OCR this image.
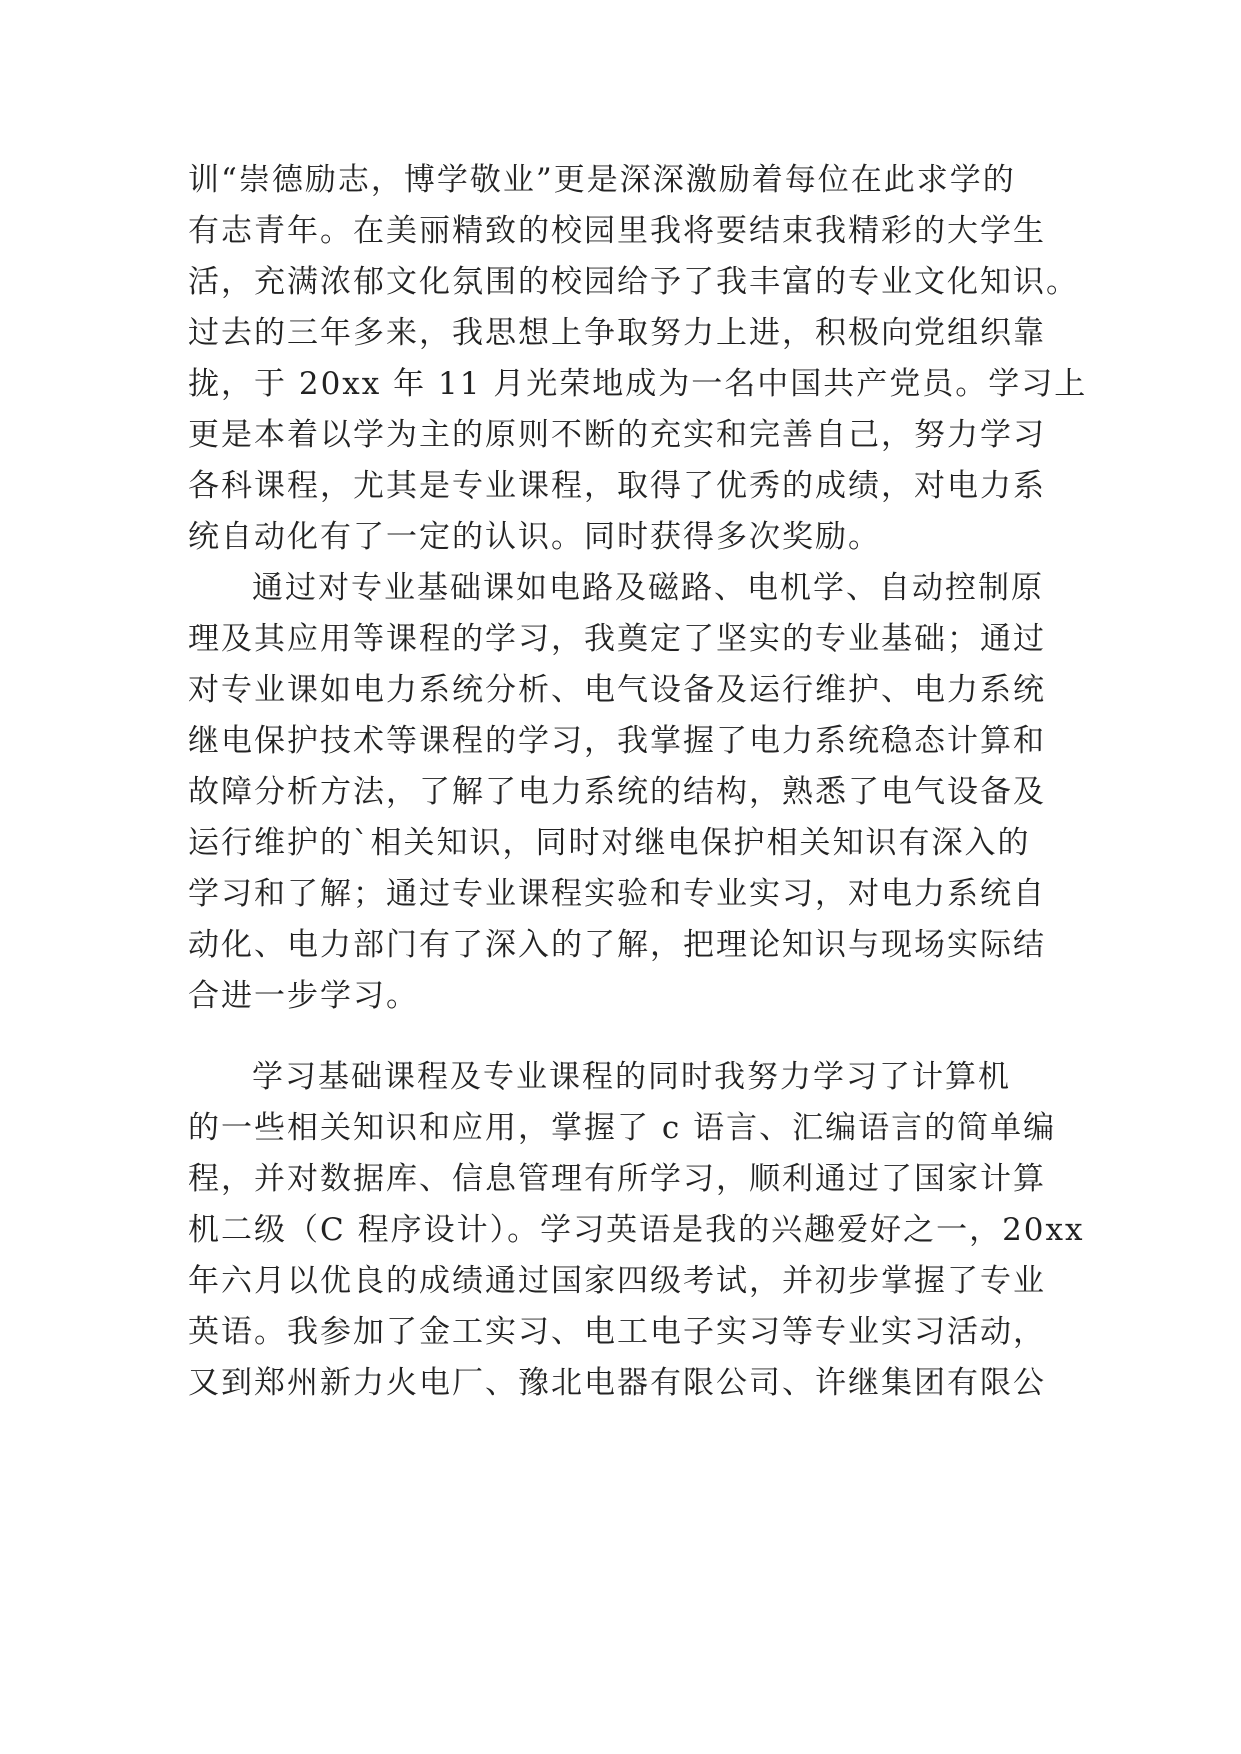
训“崇德励志，博学敬业”更是深深激励着每位在此求学的
有志青年。在美丽精致的校园里我将要结束我精彩的大学生
活，充满浓郁文化氛围的校园给予了我丰富的专业文化知识。
过去的三年多来，我思想上争取努力上进，积极向党组织靠
拢，于 20xx 年 11 月光荣地成为一名中国共产党员。学习上
更是本着以学为主的原则不断的充实和完善自己，努力学习
各科课程，尤其是专业课程，取得了优秀的成绩，对电力系
统自动化有了一定的认识。同时获得多次奖励。
通过对专业基础课如电路及磁路、电机学、自动控制原
理及其应用等课程的学习，我奠定了坚实的专业基础；通过
对专业课如电力系统分析、电气设备及运行维护、电力系统
继电保护技术等课程的学习，我掌握了电力系统稳态计算和
故障分析方法，了解了电力系统的结构，熟悉了电气设备及
运行维护的`相关知识，同时对继电保护相关知识有深入的
学习和了解；通过专业课程实验和专业实习，对电力系统自
动化、电力部门有了深入的了解，把理论知识与现场实际结
合进一步学习。
学习基础课程及专业课程的同时我努力学习了计算机
的一些相关知识和应用，掌握了 c 语言、汇编语言的简单编
程，并对数据库、信息管理有所学习，顺利通过了国家计算
机二级（C 程序设计）。学习英语是我的兴趣爱好之一，20xx
年六月以优良的成绩通过国家四级考试，并初步掌握了专业
英语。我参加了金工实习、电工电子实习等专业实习活动，
又到郑州新力火电厂、豫北电器有限公司、许继集团有限公
